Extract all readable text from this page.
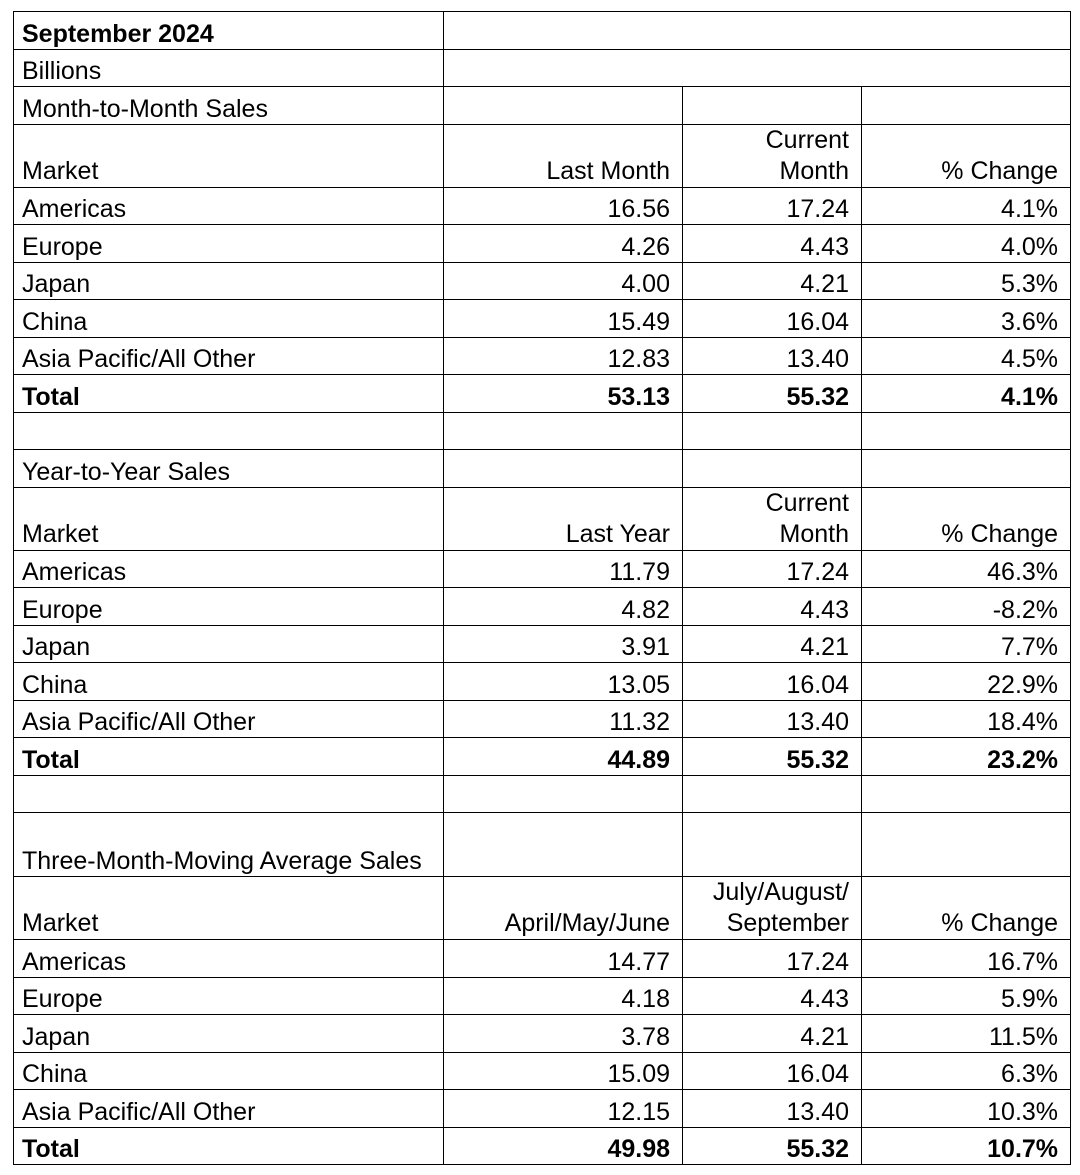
September 2024			
Billions			
Month-to-Month Sales			
Market	Last Month	Current Month	% Change
Americas	16.56	17.24	4.1%
Europe	4.26	4.43	4.0%
Japan	4.00	4.21	5.3%
China	15.49	16.04	3.6%
Asia Pacific/All Other	12.83	13.40	4.5%
Total	53.13	55.32	4.1%

Year-to-Year Sales			
Market	Last Year	Current Month	% Change
Americas	11.79	17.24	46.3%
Europe	4.82	4.43	-8.2%
Japan	3.91	4.21	7.7%
China	13.05	16.04	22.9%
Asia Pacific/All Other	11.32	13.40	18.4%
Total	44.89	55.32	23.2%

Three-Month-Moving Average Sales			
Market	April/May/June	July/August/ September	% Change
Americas	14.77	17.24	16.7%
Europe	4.18	4.43	5.9%
Japan	3.78	4.21	11.5%
China	15.09	16.04	6.3%
Asia Pacific/All Other	12.15	13.40	10.3%
Total	49.98	55.32	10.7%
